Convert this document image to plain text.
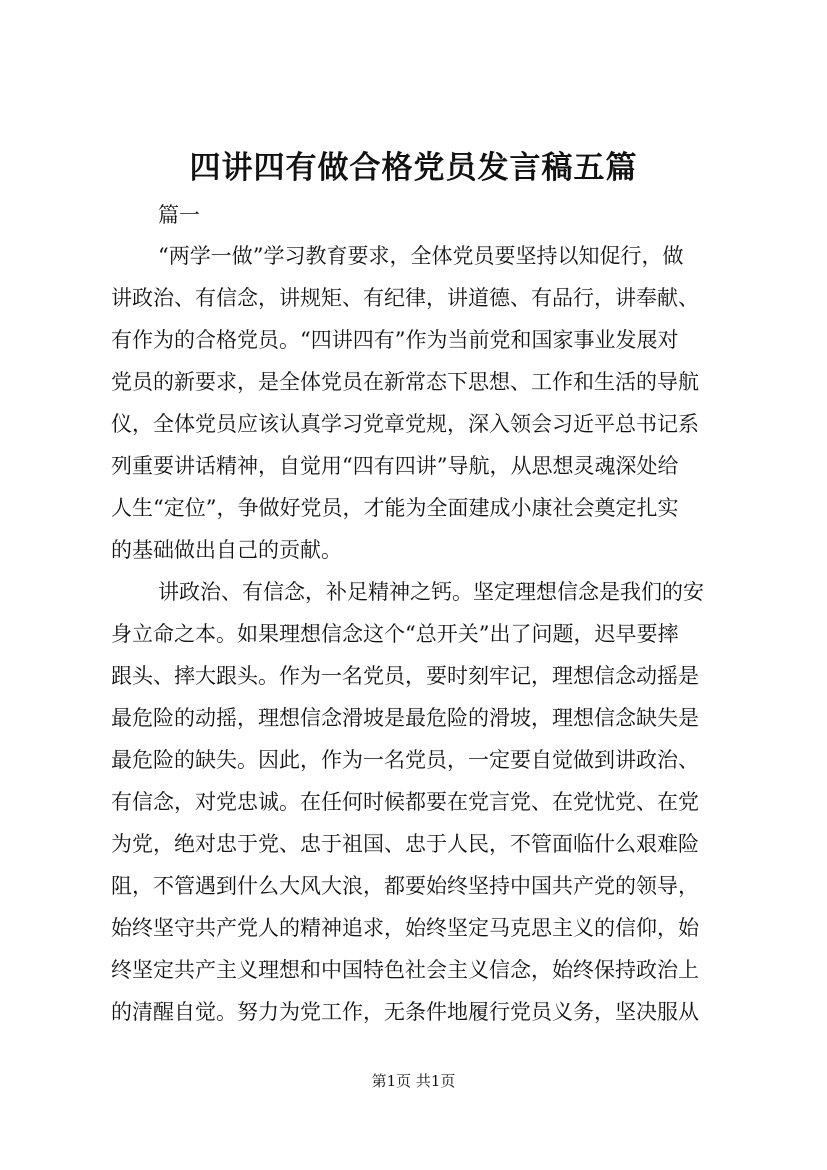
四讲四有做合格党员发言稿五篇
篇一
“两学一做”学习教育要求，全体党员要坚持以知促行，做
讲政治、有信念，讲规矩、有纪律，讲道德、有品行，讲奉献、
有作为的合格党员。“四讲四有”作为当前党和国家事业发展对
党员的新要求，是全体党员在新常态下思想、工作和生活的导航
仪，全体党员应该认真学习党章党规，深入领会习近平总书记系
列重要讲话精神，自觉用“四有四讲”导航，从思想灵魂深处给
人生“定位”，争做好党员，才能为全面建成小康社会奠定扎实
的基础做出自己的贡献。
讲政治、有信念，补足精神之钙。坚定理想信念是我们的安
身立命之本。如果理想信念这个“总开关”出了问题，迟早要摔
跟头、摔大跟头。作为一名党员，要时刻牢记，理想信念动摇是
最危险的动摇，理想信念滑坡是最危险的滑坡，理想信念缺失是
最危险的缺失。因此，作为一名党员，一定要自觉做到讲政治、
有信念，对党忠诚。在任何时候都要在党言党、在党忧党、在党
为党，绝对忠于党、忠于祖国、忠于人民，不管面临什么艰难险
阻，不管遇到什么大风大浪，都要始终坚持中国共产党的领导，
始终坚守共产党人的精神追求，始终坚定马克思主义的信仰，始
终坚定共产主义理想和中国特色社会主义信念，始终保持政治上
的清醒自觉。努力为党工作，无条件地履行党员义务，坚决服从
第1页 共1页
